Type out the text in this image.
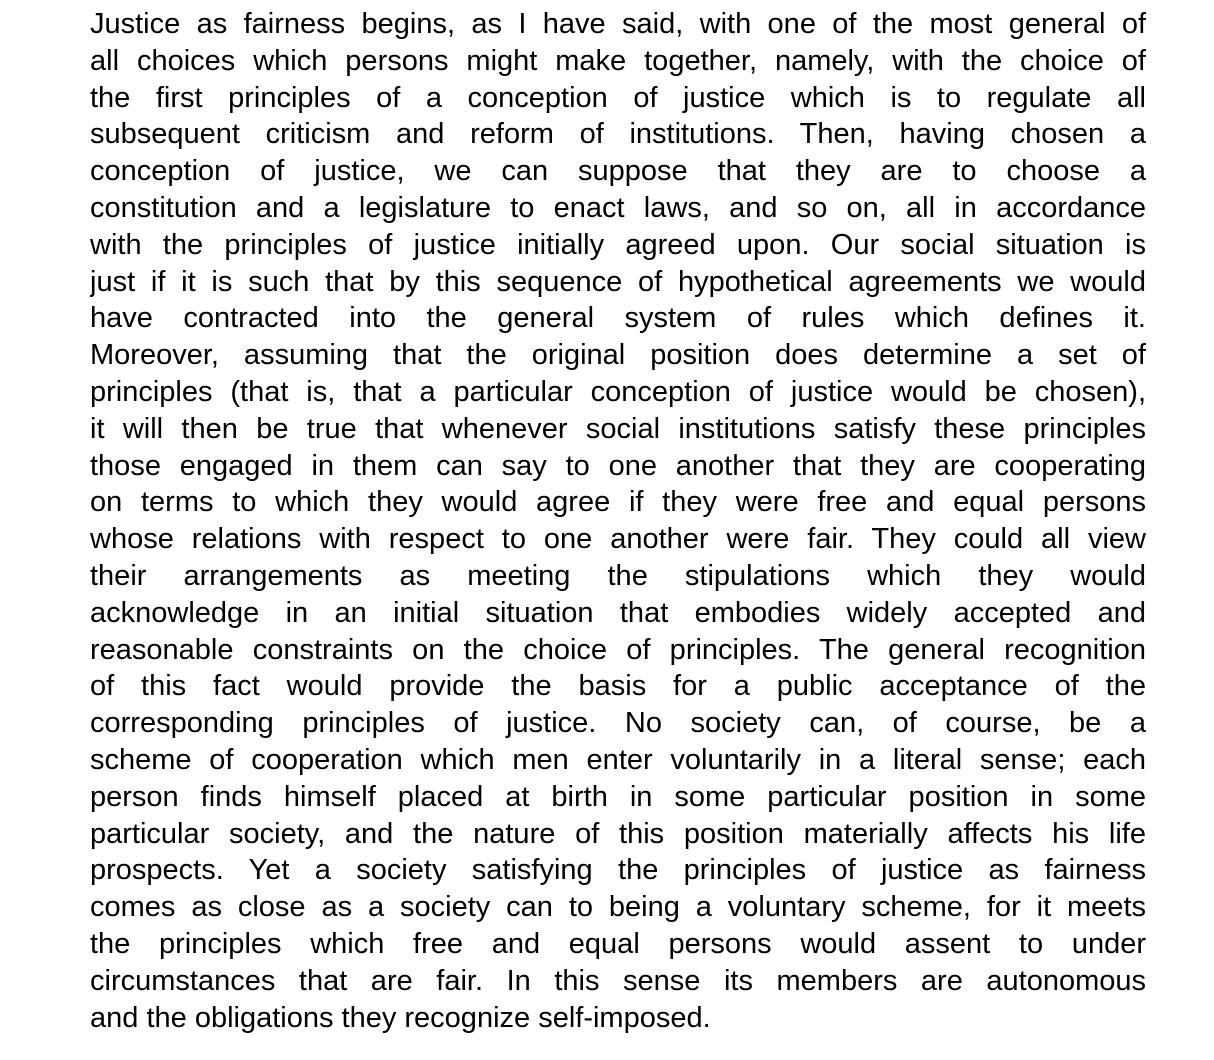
Justice as fairness begins, as I have said, with one of the most general of
all choices which persons might make together, namely, with the choice of
the first principles of a conception of justice which is to regulate all
subsequent criticism and reform of institutions. Then, having chosen a
conception of justice, we can suppose that they are to choose a
constitution and a legislature to enact laws, and so on, all in accordance
with the principles of justice initially agreed upon. Our social situation is
just if it is such that by this sequence of hypothetical agreements we would
have contracted into the general system of rules which defines it.
Moreover, assuming that the original position does determine a set of
principles (that is, that a particular conception of justice would be chosen),
it will then be true that whenever social institutions satisfy these principles
those engaged in them can say to one another that they are cooperating
on terms to which they would agree if they were free and equal persons
whose relations with respect to one another were fair. They could all view
their arrangements as meeting the stipulations which they would
acknowledge in an initial situation that embodies widely accepted and
reasonable constraints on the choice of principles. The general recognition
of this fact would provide the basis for a public acceptance of the
corresponding principles of justice. No society can, of course, be a
scheme of cooperation which men enter voluntarily in a literal sense; each
person finds himself placed at birth in some particular position in some
particular society, and the nature of this position materially affects his life
prospects. Yet a society satisfying the principles of justice as fairness
comes as close as a society can to being a voluntary scheme, for it meets
the principles which free and equal persons would assent to under
circumstances that are fair. In this sense its members are autonomous
and the obligations they recognize self-imposed.
